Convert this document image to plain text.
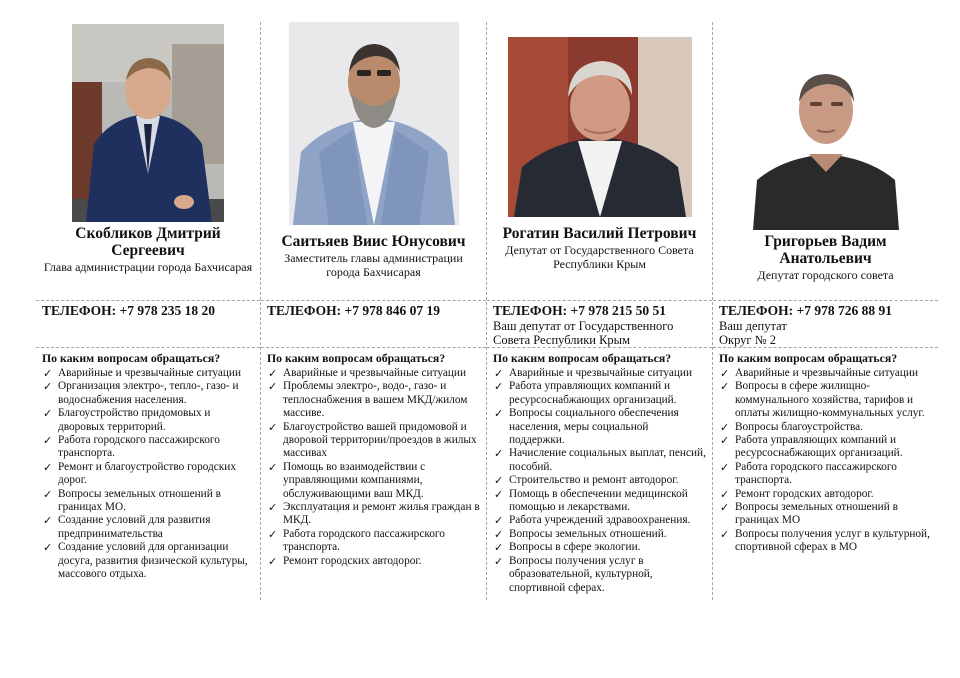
Скобликов Дмитрий Сергеевич
Глава администрации города Бахчисарая
ТЕЛЕФОН: +7 978 235 18 20
По каким вопросам обращаться?
✓ Аварийные и чрезвычайные ситуации
✓ Организация электро-, тепло-, газо- и водоснабжения населения.
✓ Благоустройство придомовых и дворовых территорий.
✓ Работа городского пассажирского транспорта.
✓ Ремонт и благоустройство городских дорог.
✓ Вопросы земельных отношений в границах МО.
✓ Создание условий для развития предпринимательства
✓ Создание условий для организации досуга, развития физической культуры, массового отдыха.
Саитьяев Виис Юнусович
Заместитель главы администрации города Бахчисарая
ТЕЛЕФОН: +7 978 846 07 19
По каким вопросам обращаться?
✓ Аварийные и чрезвычайные ситуации
✓ Проблемы электро-, водо-, газо- и теплоснабжения в вашем МКД/жилом массиве.
✓ Благоустройство вашей придомовой и дворовой территории/проездов в жилых массивах
✓ Помощь во взаимодействии с управляющими компаниями, обслуживающими ваш МКД.
✓ Эксплуатация и ремонт жилья граждан в МКД.
✓ Работа городского пассажирского транспорта.
✓ Ремонт городских автодорог.
Рогатин Василий Петрович
Депутат от Государственного Совета Республики Крым
ТЕЛЕФОН: +7 978 215 50 51
Ваш депутат от Государственного Совета Республики Крым
По каким вопросам обращаться?
✓ Аварийные и чрезвычайные ситуации
✓ Работа управляющих компаний и ресурсоснабжающих организаций.
✓ Вопросы социального обеспечения населения, меры социальной поддержки.
✓ Начисление социальных выплат, пенсий, пособий.
✓ Строительство и ремонт автодорог.
✓ Помощь в обеспечении медицинской помощью и лекарствами.
✓ Работа учреждений здравоохранения.
✓ Вопросы земельных отношений.
✓ Вопросы в сфере экологии.
✓ Вопросы получения услуг в образовательной, культурной, спортивной сферах.
Григорьев Вадим Анатольевич
Депутат городского совета
ТЕЛЕФОН: +7 978 726 88 91
Ваш депутат Округ № 2
По каким вопросам обращаться?
✓ Аварийные и чрезвычайные ситуации
✓ Вопросы в сфере жилищно-коммунального хозяйства, тарифов и оплаты жилищно-коммунальных услуг.
✓ Вопросы благоустройства.
✓ Работа управляющих компаний и ресурсоснабжающих организаций.
✓ Работа городского пассажирского транспорта.
✓ Ремонт городских автодорог.
✓ Вопросы земельных отношений в границах МО
✓ Вопросы получения услуг в культурной, спортивной сферах в МО
